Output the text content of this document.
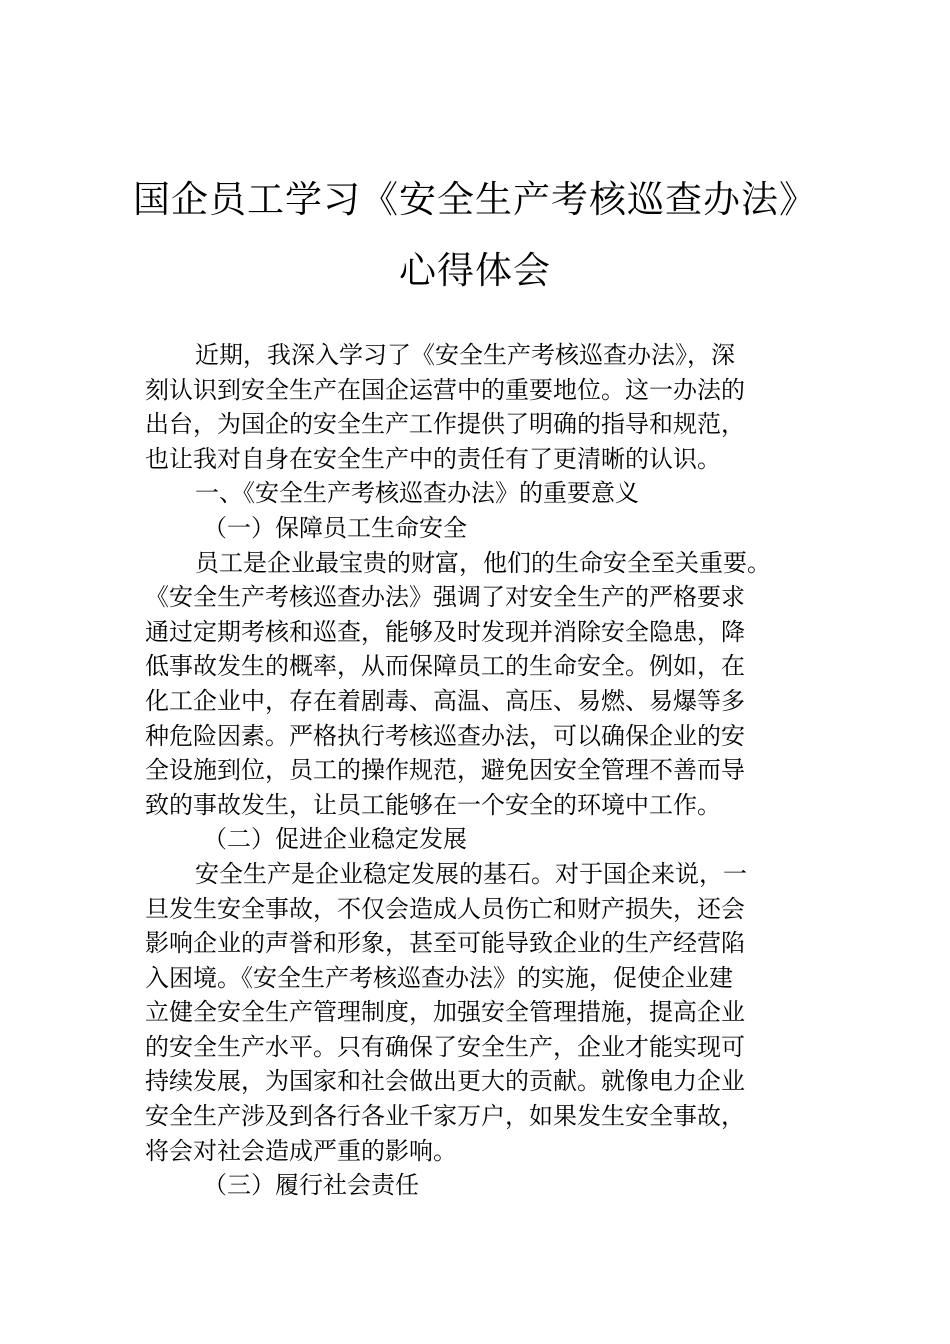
国企员工学习《安全生产考核巡查办法》
心得体会
近期，我深入学习了《安全生产考核巡查办法》，深
刻认识到安全生产在国企运营中的重要地位。这一办法的
出台，为国企的安全生产工作提供了明确的指导和规范，
也让我对自身在安全生产中的责任有了更清晰的认识。
一、《安全生产考核巡查办法》的重要意义
（一）保障员工生命安全
员工是企业最宝贵的财富，他们的生命安全至关重要。
《安全生产考核巡查办法》强调了对安全生产的严格要求
通过定期考核和巡查，能够及时发现并消除安全隐患，降
低事故发生的概率，从而保障员工的生命安全。例如，在
化工企业中，存在着剧毒、高温、高压、易燃、易爆等多
种危险因素。严格执行考核巡查办法，可以确保企业的安
全设施到位，员工的操作规范，避免因安全管理不善而导
致的事故发生，让员工能够在一个安全的环境中工作。
（二）促进企业稳定发展
安全生产是企业稳定发展的基石。对于国企来说，一
旦发生安全事故，不仅会造成人员伤亡和财产损失，还会
影响企业的声誉和形象，甚至可能导致企业的生产经营陷
入困境。《安全生产考核巡查办法》的实施，促使企业建
立健全安全生产管理制度，加强安全管理措施，提高企业
的安全生产水平。只有确保了安全生产，企业才能实现可
持续发展，为国家和社会做出更大的贡献。就像电力企业
安全生产涉及到各行各业千家万户，如果发生安全事故，
将会对社会造成严重的影响。
（三）履行社会责任
